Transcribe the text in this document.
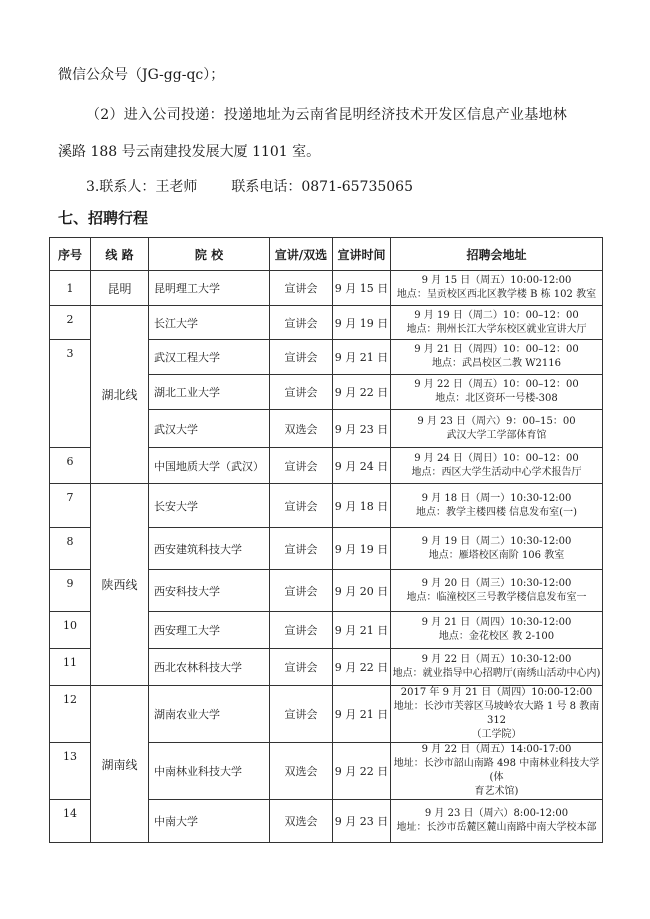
微信公众号（JG-gg-qc）；
（2）进入公司投递：投递地址为云南省昆明经济技术开发区信息产业基地林
溪路 188 号云南建投发展大厦 1101 室。
3.联系人：王老师 联系电话：0871-65735065
七、招聘行程
序号	线 路	院 校	宣讲/双选	宣讲时间	招聘会地址
1	昆明	昆明理工大学	宣讲会	9 月 15 日	9 月 15 日（周五）10:00-12:00
地点：呈贡校区西北区教学楼 B 栋 102 教室

2	湖北线	长江大学	宣讲会	9 月 19 日	9 月 19 日（周二）10：00–12：00
地点：荆州长江大学东校区就业宣讲大厅

3		武汉工程大学	宣讲会	9 月 21 日	9 月 21 日（周四）10：00–12：00
地点：武昌校区二教 W2116

		湖北工业大学	宣讲会	9 月 22 日	9 月 22 日（周五）10：00–12：00
地点：北区资环一号楼-308

		武汉大学	双选会	9 月 23 日	9 月 23 日（周六）9：00–15：00
武汉大学工学部体育馆

6		中国地质大学（武汉）	宣讲会	9 月 24 日	9 月 24 日（周日）10：00–12：00
地点：西区大学生活动中心学术报告厅

7	陕西线	长安大学	宣讲会	9 月 18 日	9 月 18 日（周一）10:30-12:00
地点：教学主楼四楼 信息发布室(一)

8		西安建筑科技大学	宣讲会	9 月 19 日	9 月 19 日（周二）10:30-12:00
地点：雁塔校区南阶 106 教室

9		西安科技大学	宣讲会	9 月 20 日	9 月 20 日（周三）10:30-12:00
地点：临潼校区三号教学楼信息发布室一

10		西安理工大学	宣讲会	9 月 21 日	9 月 21 日（周四）10:30-12:00
地点：金花校区 教 2-100

11		西北农林科技大学	宣讲会	9 月 22 日	9 月 22 日（周五）10:30-12:00
地点：就业指导中心招聘厅(南绣山活动中心内)

12	湖南线	湖南农业大学	宣讲会	9 月 21 日	2017 年 9 月 21 日（周四）10:00-12:00
地址：长沙市芙蓉区马坡岭农大路 1 号 8 教南 312
（工学院）

13		中南林业科技大学	双选会	9 月 22 日	9 月 22 日（周五）14:00-17:00
地址：长沙市韶山南路 498 中南林业科技大学(体
育艺术馆)

14		中南大学	双选会	9 月 23 日	9 月 23 日（周六）8:00-12:00
地址：长沙市岳麓区麓山南路中南大学校本部
